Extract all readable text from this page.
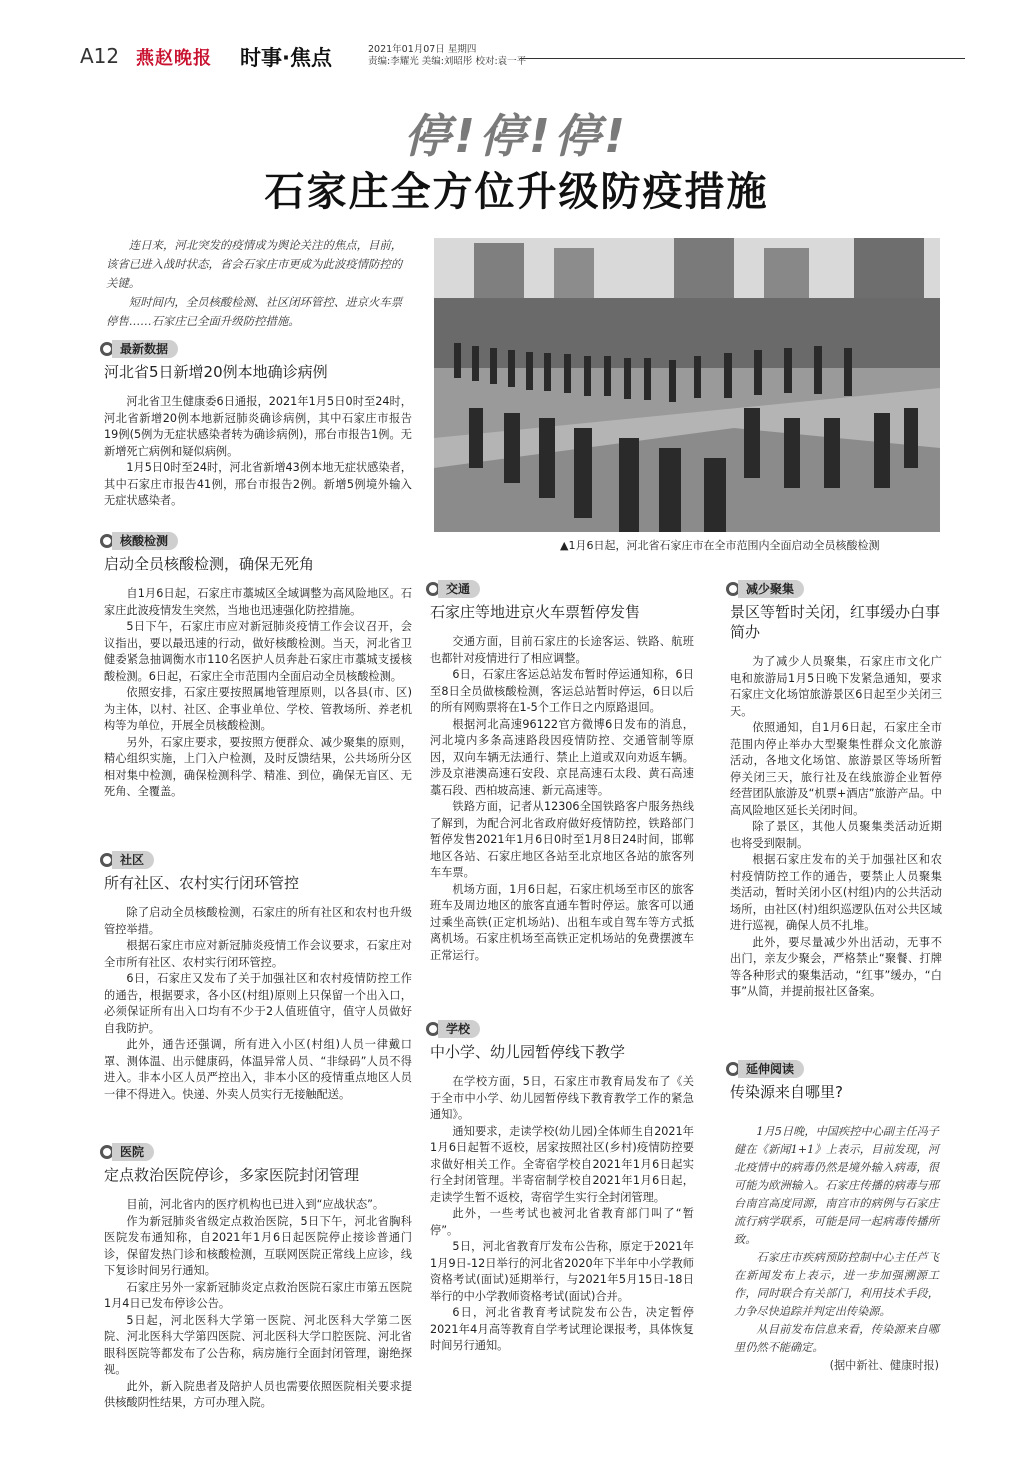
A12 燕赵晚报 时事·焦点	2021年01月07日 星期四
责编:李耀光 美编:刘昭彤 校对:袁一平
停!停!停!
石家庄全方位升级防疫措施

连日来，河北突发的疫情成为舆论关注的焦点，目前，该省已进入战时状态，省会石家庄市更成为此波疫情防控的关键。

短时间内，全员核酸检测、社区闭环管控、进京火车票停售……石家庄已全面升级防控措施。

▲1月6日起，河北省石家庄市在全市范围内全面启动全员核酸检测
最新数据
河北省5日新增20例本地确诊病例

河北省卫生健康委6日通报，2021年1月5日0时至24时，河北省新增20例本地新冠肺炎确诊病例，其中石家庄市报告19例(5例为无症状感染者转为确诊病例)，邢台市报告1例。无新增死亡病例和疑似病例。

1月5日0时至24时，河北省新增43例本地无症状感染者，其中石家庄市报告41例，邢台市报告2例。新增5例境外输入无症状感染者。

核酸检测
启动全员核酸检测，确保无死角

自1月6日起，石家庄市藁城区全域调整为高风险地区。石家庄此波疫情发生突然，当地也迅速强化防控措施。

5日下午，石家庄市应对新冠肺炎疫情工作会议召开，会议指出，要以最迅速的行动，做好核酸检测。当天，河北省卫健委紧急抽调衡水市110名医护人员奔赴石家庄市藁城支援核酸检测。6日起，石家庄全市范围内全面启动全员核酸检测。

依照安排，石家庄要按照属地管理原则，以各县(市、区)为主体，以村、社区、企事业单位、学校、管教场所、养老机构等为单位，开展全员核酸检测。

另外，石家庄要求，要按照方便群众、减少聚集的原则，精心组织实施，上门入户检测，及时反馈结果，公共场所分区相对集中检测，确保检测科学、精准、到位，确保无盲区、无死角、全覆盖。

社区
所有社区、农村实行闭环管控

除了启动全员核酸检测，石家庄的所有社区和农村也升级管控举措。

根据石家庄市应对新冠肺炎疫情工作会议要求，石家庄对全市所有社区、农村实行闭环管控。

6日，石家庄又发布了关于加强社区和农村疫情防控工作的通告，根据要求，各小区(村组)原则上只保留一个出入口，必须保证所有出入口均有不少于2人值班值守，值守人员做好自我防护。

此外，通告还强调，所有进入小区(村组)人员一律戴口罩、测体温、出示健康码，体温异常人员、“非绿码”人员不得进入。非本小区人员严控出入，非本小区的疫情重点地区人员一律不得进入。快递、外卖人员实行无接触配送。

医院
定点救治医院停诊，多家医院封闭管理

目前，河北省内的医疗机构也已进入到“应战状态”。

作为新冠肺炎省级定点救治医院，5日下午，河北省胸科医院发布通知称，自2021年1月6日起医院停止接诊普通门诊，保留发热门诊和核酸检测，互联网医院正常线上应诊，线下复诊时间另行通知。

石家庄另外一家新冠肺炎定点救治医院石家庄市第五医院1月4日已发布停诊公告。

5日起，河北医科大学第一医院、河北医科大学第二医院、河北医科大学第四医院、河北医科大学口腔医院、河北省眼科医院等都发布了公告称，病房施行全面封闭管理，谢绝探视。

此外，新入院患者及陪护人员也需要依照医院相关要求提供核酸阴性结果，方可办理入院。

交通
石家庄等地进京火车票暂停发售

交通方面，目前石家庄的长途客运、铁路、航班也都针对疫情进行了相应调整。

6日，石家庄客运总站发布暂时停运通知称，6日至8日全员做核酸检测，客运总站暂时停运，6日以后的所有网购票将在1-5个工作日之内原路退回。

根据河北高速96122官方微博6日发布的消息，河北境内多条高速路段因疫情防控、交通管制等原因，双向车辆无法通行、禁止上道或双向劝返车辆。涉及京港澳高速石安段、京昆高速石太段、黄石高速藁石段、西柏坡高速、新元高速等。

铁路方面，记者从12306全国铁路客户服务热线了解到，为配合河北省政府做好疫情防控，铁路部门暂停发售2021年1月6日0时至1月8日24时间，邯郸地区各站、石家庄地区各站至北京地区各站的旅客列车车票。

机场方面，1月6日起，石家庄机场至市区的旅客班车及周边地区的旅客直通车暂时停运。旅客可以通过乘坐高铁(正定机场站)、出租车或自驾车等方式抵离机场。石家庄机场至高铁正定机场站的免费摆渡车正常运行。

学校
中小学、幼儿园暂停线下教学

在学校方面，5日，石家庄市教育局发布了《关于全市中小学、幼儿园暂停线下教育教学工作的紧急通知》。

通知要求，走读学校(幼儿园)全体师生自2021年1月6日起暂不返校，居家按照社区(乡村)疫情防控要求做好相关工作。全寄宿学校自2021年1月6日起实行全封闭管理。半寄宿制学校自2021年1月6日起，走读学生暂不返校，寄宿学生实行全封闭管理。

此外，一些考试也被河北省教育部门叫了“暂停”。

5日，河北省教育厅发布公告称，原定于2021年1月9日-12日举行的河北省2020年下半年中小学教师资格考试(面试)延期举行，与2021年5月15日-18日举行的中小学教师资格考试(面试)合并。

6日，河北省教育考试院发布公告，决定暂停2021年4月高等教育自学考试理论课报考，具体恢复时间另行通知。

减少聚集
景区等暂时关闭，红事缓办白事简办

为了减少人员聚集，石家庄市文化广电和旅游局1月5日晚下发紧急通知，要求石家庄文化场馆旅游景区6日起至少关闭三天。

依照通知，自1月6日起，石家庄全市范围内停止举办大型聚集性群众文化旅游活动，各地文化场馆、旅游景区等场所暂停关闭三天，旅行社及在线旅游企业暂停经营团队旅游及“机票+酒店”旅游产品。中高风险地区延长关闭时间。

除了景区，其他人员聚集类活动近期也将受到限制。

根据石家庄发布的关于加强社区和农村疫情防控工作的通告，要禁止人员聚集类活动，暂时关闭小区(村组)内的公共活动场所，由社区(村)组织巡逻队伍对公共区域进行巡视，确保人员不扎堆。

此外，要尽量减少外出活动，无事不出门，亲友少聚会，严格禁止“聚餐、打牌等各种形式的聚集活动，“红事”缓办，“白事”从简，并提前报社区备案。

延伸阅读
传染源来自哪里?

1月5日晚，中国疾控中心副主任冯子健在《新闻1+1》上表示，目前发现，河北疫情中的病毒仍然是境外输入病毒，很可能为欧洲输入。石家庄传播的病毒与邢台南宫高度同源，南宫市的病例与石家庄流行病学联系，可能是同一起病毒传播所致。

石家庄市疾病预防控制中心主任芦飞在新闻发布上表示，进一步加强溯源工作，同时联合有关部门，利用技术手段，力争尽快追踪并判定出传染源。

从目前发布信息来看，传染源来自哪里仍然不能确定。

(据中新社、健康时报)
